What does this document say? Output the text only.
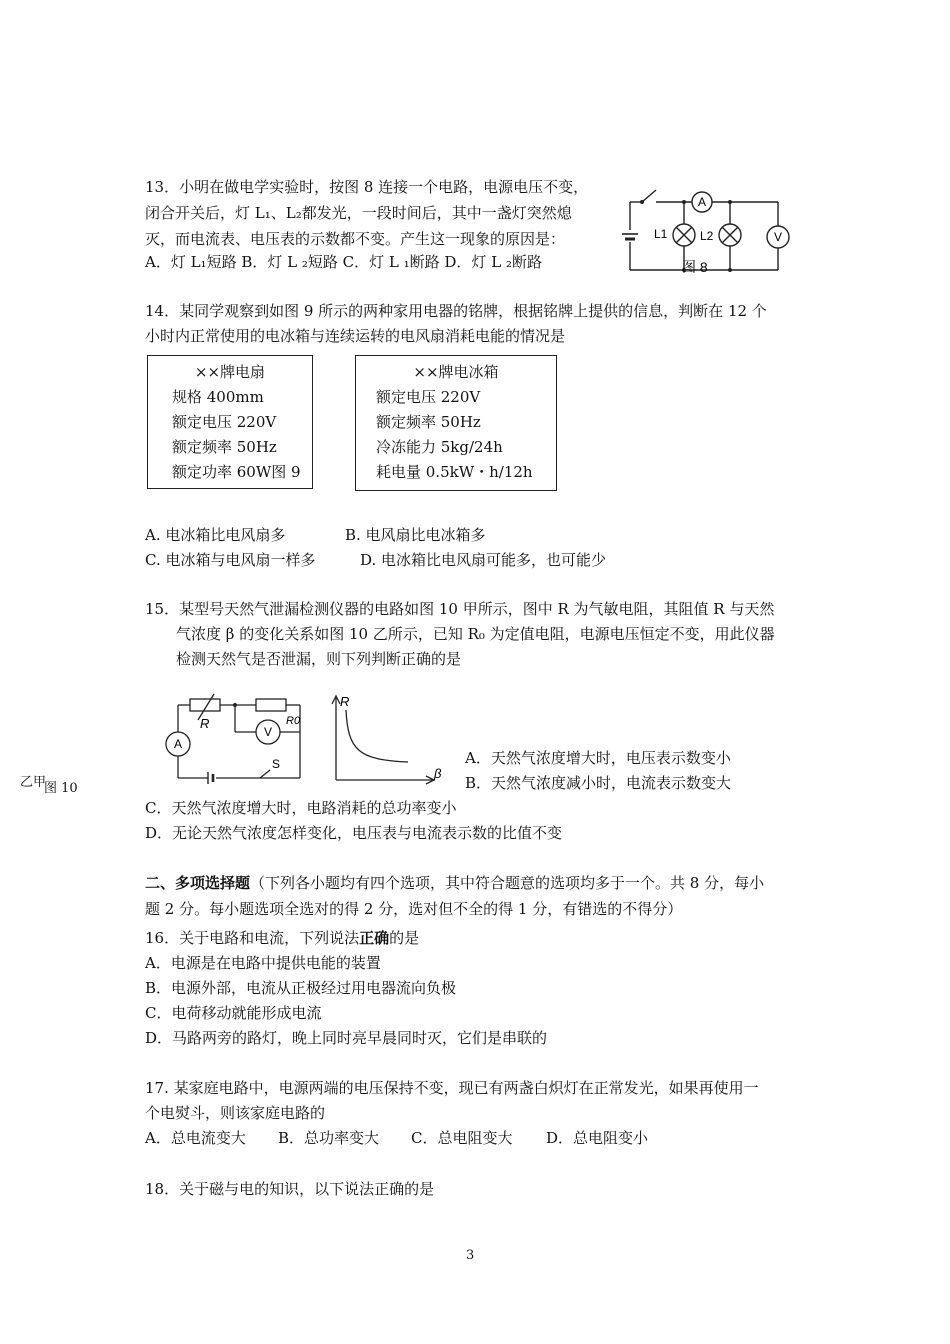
13．小明在做电学实验时，按图 8 连接一个电路，电源电压不变，
闭合开关后，灯 L₁、L₂都发光，一段时间后，其中一盏灯突然熄
灭，而电流表、电压表的示数都不变。产生这一现象的原因是：
A．灯 L₁短路 B．灯 L ₂短路 C．灯 L ₁断路 D．灯 L ₂断路
A
V
L1	L2
图 8
14．某同学观察到如图 9 所示的两种家用电器的铭牌，根据铭牌上提供的信息，判断在 12 个
小时内正常使用的电冰箱与连续运转的电风扇消耗电能的情况是
××牌电扇
规格 400mm
额定电压 220V
额定频率 50Hz
额定功率 60W图 9
××牌电冰箱
额定电压 220V
额定频率 50Hz
冷冻能力 5kg/24h
耗电量 0.5kW・h/12h
A. 电冰箱比电风扇多	B. 电风扇比电冰箱多
C. 电冰箱与电风扇一样多	D. 电冰箱比电风扇可能多，也可能少
15．某型号天然气泄漏检测仪器的电路如图 10 甲所示，图中 R 为气敏电阻，其阻值 R 与天然
气浓度 β 的变化关系如图 10 乙所示，已知 R₀ 为定值电阻，电源电压恒定不变，用此仪器
检测天然气是否泄漏，则下列判断正确的是
R	R0
V
A
S
R
β
乙甲
图 10
A．天然气浓度增大时，电压表示数变小
B．天然气浓度减小时，电流表示数变大
C．天然气浓度增大时，电路消耗的总功率变小
D．无论天然气浓度怎样变化，电压表与电流表示数的比值不变
二、多项选择题（下列各小题均有四个选项，其中符合题意的选项均多于一个。共 8 分，每小
题 2 分。每小题选项全选对的得 2 分，选对但不全的得 1 分，有错选的不得分）
16．关于电路和电流，下列说法正确的是
A．电源是在电路中提供电能的装置
B．电源外部，电流从正极经过用电器流向负极
C．电荷移动就能形成电流
D．马路两旁的路灯，晚上同时亮早晨同时灭，它们是串联的
17. 某家庭电路中，电源两端的电压保持不变，现已有两盏白炽灯在正常发光，如果再使用一
个电熨斗，则该家庭电路的
A．总电流变大 B．总功率变大 C．总电阻变大 D．总电阻变小
18．关于磁与电的知识，以下说法正确的是
3
